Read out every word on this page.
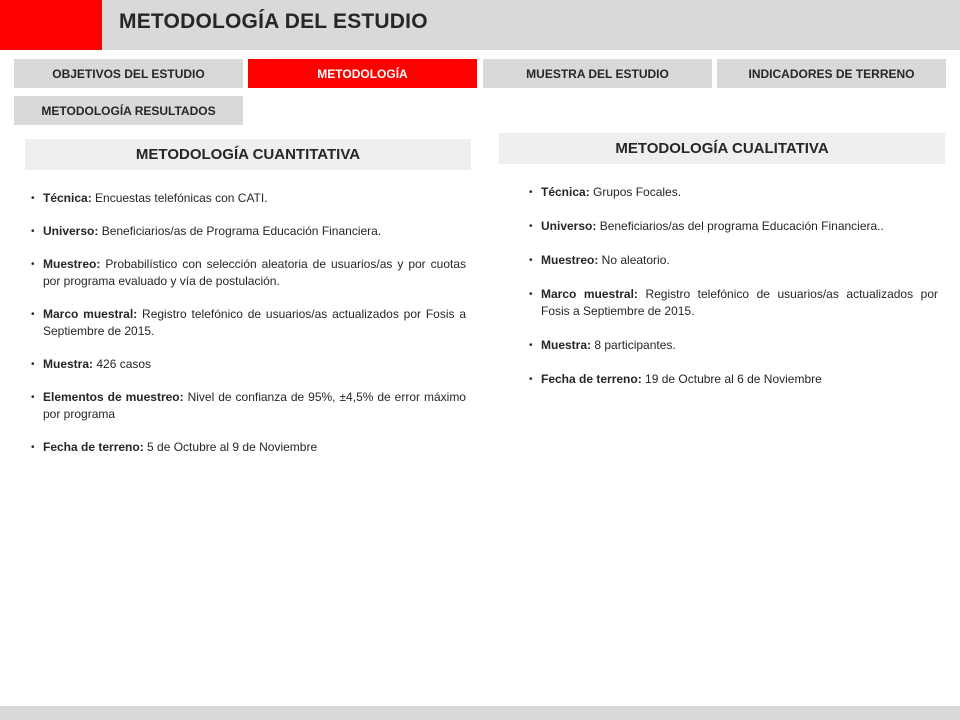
METODOLOGÍA DEL ESTUDIO
OBJETIVOS DEL ESTUDIO	METODOLOGÍA	MUESTRA DEL ESTUDIO	INDICADORES DE TERRENO
METODOLOGÍA RESULTADOS
METODOLOGÍA CUANTITATIVA
• Técnica: Encuestas telefónicas con CATI.
• Universo: Beneficiarios/as de Programa Educación Financiera.
• Muestreo: Probabilístico con selección aleatoria de usuarios/as y por cuotas por programa evaluado y vía de postulación.
• Marco muestral: Registro telefónico de usuarios/as actualizados por Fosis a Septiembre de 2015.
• Muestra: 426 casos
• Elementos de muestreo: Nivel de confianza de 95%, ±4,5% de error máximo por programa
• Fecha de terreno: 5 de Octubre al 9 de Noviembre
METODOLOGÍA CUALITATIVA
• Técnica: Grupos Focales.
• Universo: Beneficiarios/as del programa Educación Financiera..
• Muestreo: No aleatorio.
• Marco muestral: Registro telefónico de usuarios/as actualizados por Fosis a Septiembre de 2015.
• Muestra: 8 participantes.
• Fecha de terreno: 19 de Octubre al 6 de Noviembre
